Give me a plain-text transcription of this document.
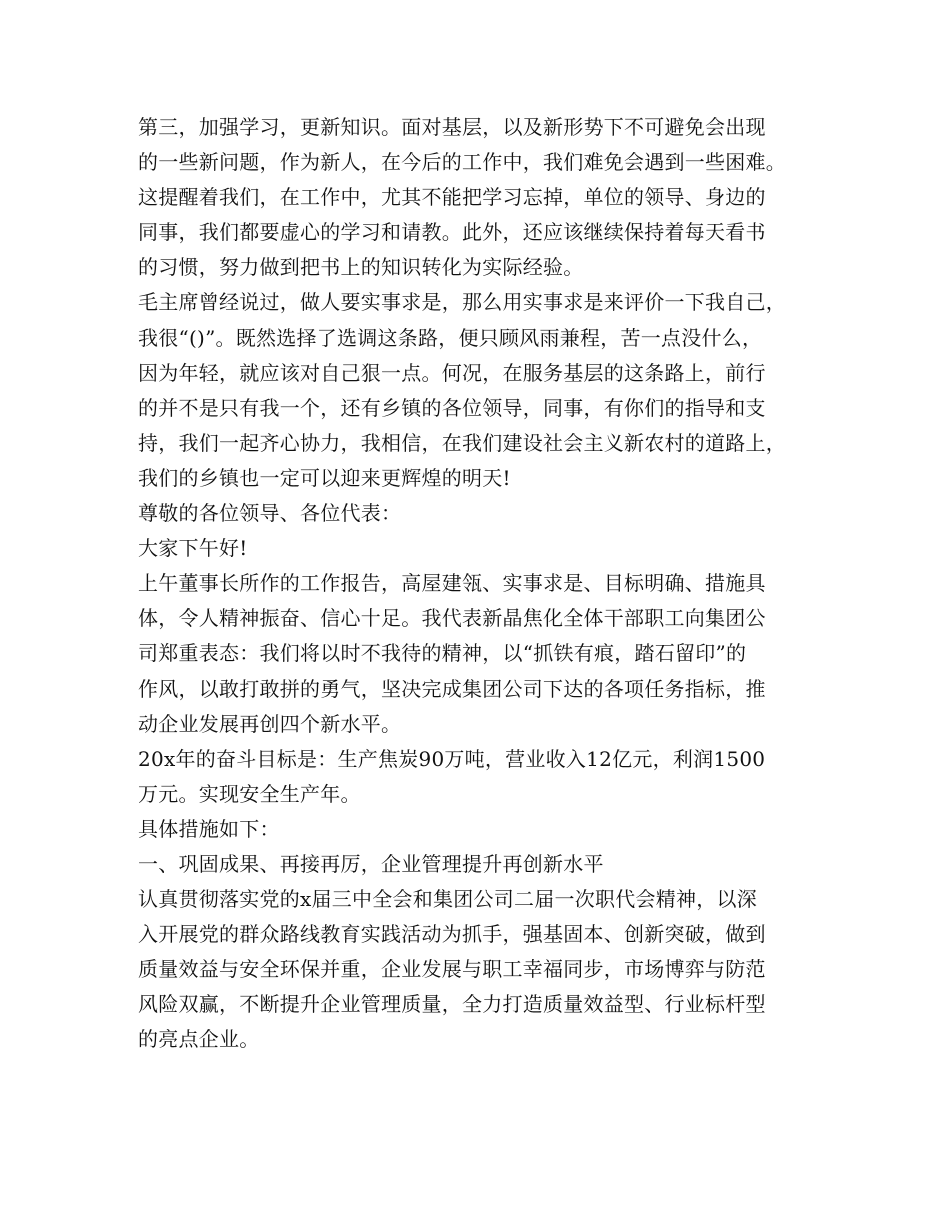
第三，加强学习，更新知识。面对基层，以及新形势下不可避免会出现
的一些新问题，作为新人，在今后的工作中，我们难免会遇到一些困难。
这提醒着我们，在工作中，尤其不能把学习忘掉，单位的领导、身边的
同事，我们都要虚心的学习和请教。此外，还应该继续保持着每天看书
的习惯，努力做到把书上的知识转化为实际经验。

毛主席曾经说过，做人要实事求是，那么用实事求是来评价一下我自己，
我很“()”。既然选择了选调这条路，便只顾风雨兼程，苦一点没什么，
因为年轻，就应该对自己狠一点。何况，在服务基层的这条路上，前行
的并不是只有我一个，还有乡镇的各位领导，同事，有你们的指导和支
持，我们一起齐心协力，我相信，在我们建设社会主义新农村的道路上，
我们的乡镇也一定可以迎来更辉煌的明天!

尊敬的各位领导、各位代表：

大家下午好!

上午董事长所作的工作报告，高屋建瓴、实事求是、目标明确、措施具
体，令人精神振奋、信心十足。我代表新晶焦化全体干部职工向集团公
司郑重表态：我们将以时不我待的精神，以“抓铁有痕，踏石留印”的
作风，以敢打敢拼的勇气，坚决完成集团公司下达的各项任务指标，推
动企业发展再创四个新水平。

20x年的奋斗目标是：生产焦炭90万吨，营业收入12亿元，利润1500
万元。实现安全生产年。

具体措施如下：

一、巩固成果、再接再厉，企业管理提升再创新水平

认真贯彻落实党的x届三中全会和集团公司二届一次职代会精神，以深
入开展党的群众路线教育实践活动为抓手，强基固本、创新突破，做到
质量效益与安全环保并重，企业发展与职工幸福同步，市场博弈与防范
风险双赢，不断提升企业管理质量，全力打造质量效益型、行业标杆型
的亮点企业。
